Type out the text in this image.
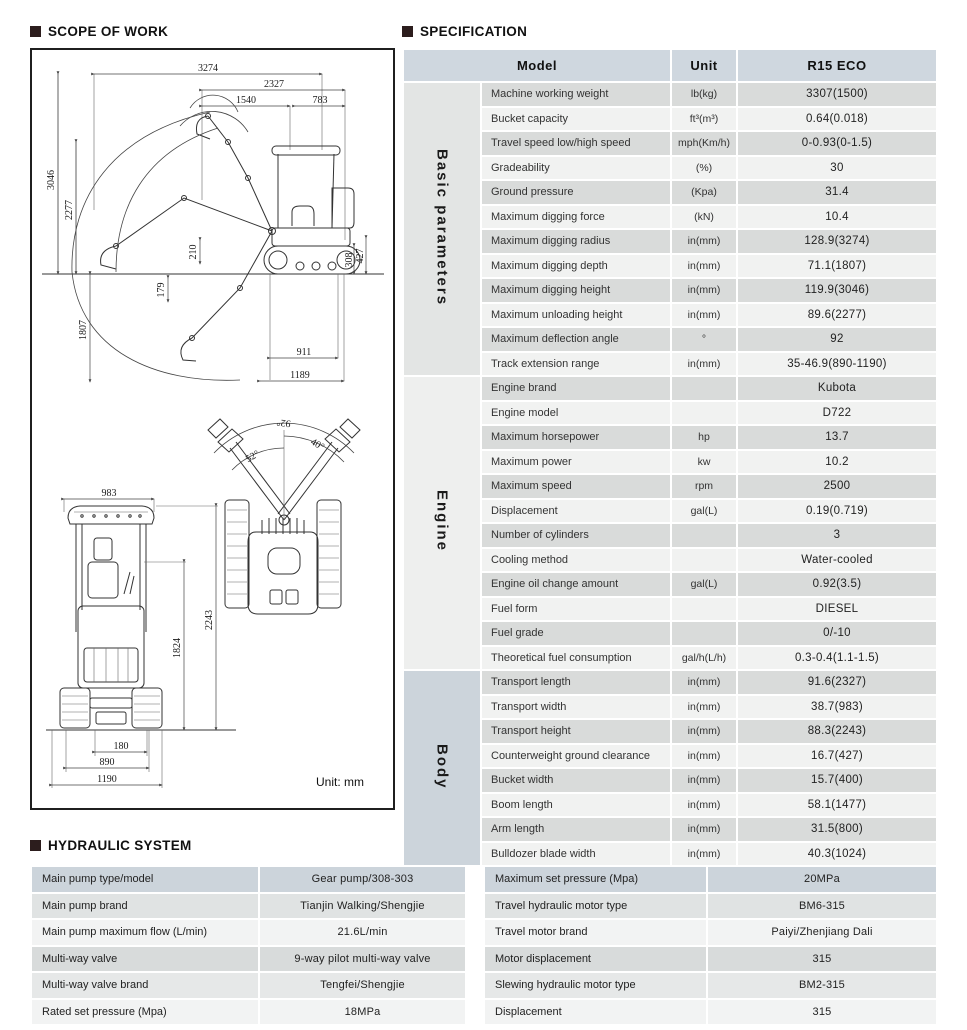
SCOPE OF WORK
3274
2327
1540	783
3046
2277
210
179
1807
911
1189
308 427
92°
52°
40°
983
1824
2243
180
890
1190	Unit: mm
SPECIFICATION
Model		Unit	R15 ECO
Basic parameters	Machine working weight	lb(kg)	3307(1500)
	Bucket capacity	ft³(m³)	0.64(0.018)
	Travel speed low/high speed	mph(Km/h)	0-0.93(0-1.5)
	Gradeability	(%)	30
	Ground pressure	(Kpa)	31.4
	Maximum digging force	(kN)	10.4
	Maximum digging radius	in(mm)	128.9(3274)
	Maximum digging depth	in(mm)	71.1(1807)
	Maximum digging height	in(mm)	119.9(3046)
	Maximum unloading height	in(mm)	89.6(2277)
	Maximum deflection angle	°	92
	Track extension range	in(mm)	35-46.9(890-1190)
Engine	Engine brand		Kubota
	Engine model		D722
	Maximum horsepower	hp	13.7
	Maximum power	kw	10.2
	Maximum speed	rpm	2500
	Displacement	gal(L)	0.19(0.719)
	Number of cylinders		3
	Cooling method		Water-cooled
	Engine oil change amount	gal(L)	0.92(3.5)
	Fuel form		DIESEL
	Fuel grade		0/-10
	Theoretical fuel consumption	gal/h(L/h)	0.3-0.4(1.1-1.5)
Body	Transport length	in(mm)	91.6(2327)
	Transport width	in(mm)	38.7(983)
	Transport height	in(mm)	88.3(2243)
	Counterweight ground clearance	in(mm)	16.7(427)
	Bucket width	in(mm)	15.7(400)
	Boom length	in(mm)	58.1(1477)
	Arm length	in(mm)	31.5(800)
	Bulldozer blade width	in(mm)	40.3(1024)
HYDRAULIC SYSTEM
Main pump type/model	Gear pump/308-303
Main pump brand	Tianjin Walking/Shengjie
Main pump maximum flow (L/min)	21.6L/min
Multi-way valve	9-way pilot multi-way valve
Multi-way valve brand	Tengfei/Shengjie
Rated set pressure (Mpa)	18MPa
Maximum set pressure (Mpa)	20MPa
Travel hydraulic motor type	BM6-315
Travel motor brand	Paiyi/Zhenjiang Dali
Motor displacement	315
Slewing hydraulic motor type	BM2-315
Displacement	315
